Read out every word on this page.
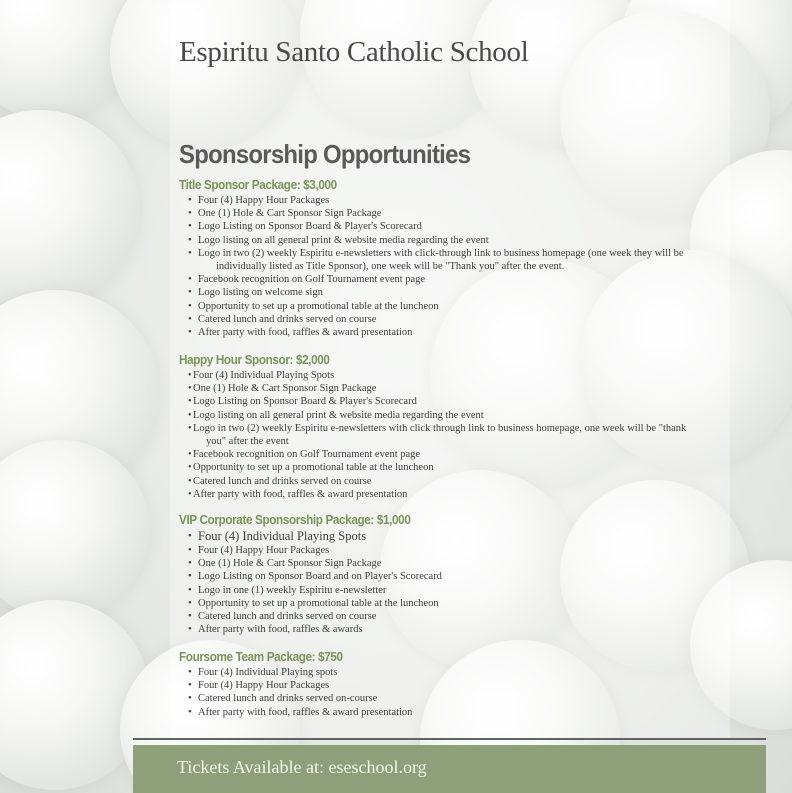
Espiritu Santo Catholic School
Sponsorship Opportunities
Title Sponsor Package: $3,000
• Four (4) Happy Hour Packages
• One (1) Hole & Cart Sponsor Sign Package
• Logo Listing on Sponsor Board & Player's Scorecard
• Logo listing on all general print & website media regarding the event
• Logo in two (2) weekly Espiritu e-newsletters with click-through link to business homepage (one week they will be
individually listed as Title Sponsor), one week will be "Thank you" after the event.
• Facebook recognition on Golf Tournament event page
• Logo listing on welcome sign
• Opportunity to set up a promotional table at the luncheon
• Catered lunch and drinks served on course
• After party with food, raffles & award presentation
Happy Hour Sponsor: $2,000
• Four (4) Individual Playing Spots
• One (1) Hole & Cart Sponsor Sign Package
• Logo Listing on Sponsor Board & Player's Scorecard
• Logo listing on all general print & website media regarding the event
• Logo in two (2) weekly Espiritu e-newsletters with click through link to business homepage, one week will be "thank
you" after the event
• Facebook recognition on Golf Tournament event page
• Opportunity to set up a promotional table at the luncheon
• Catered lunch and drinks served on course
• After party with food, raffles & award presentation
VIP Corporate Sponsorship Package: $1,000
• Four (4) Individual Playing Spots
• Four (4) Happy Hour Packages
• One (1) Hole & Cart Sponsor Sign Package
• Logo Listing on Sponsor Board and on Player's Scorecard
• Logo in one (1) weekly Espiritu e-newsletter
• Opportunity to set up a promotional table at the luncheon
• Catered lunch and drinks served on course
• After party with food, raffles & awards
Foursome Team Package: $750
• Four (4) Individual Playing spots
• Four (4) Happy Hour Packages
• Catered lunch and drinks served on-course
• After party with food, raffles & award presentation
Tickets Available at: eseschool.org
